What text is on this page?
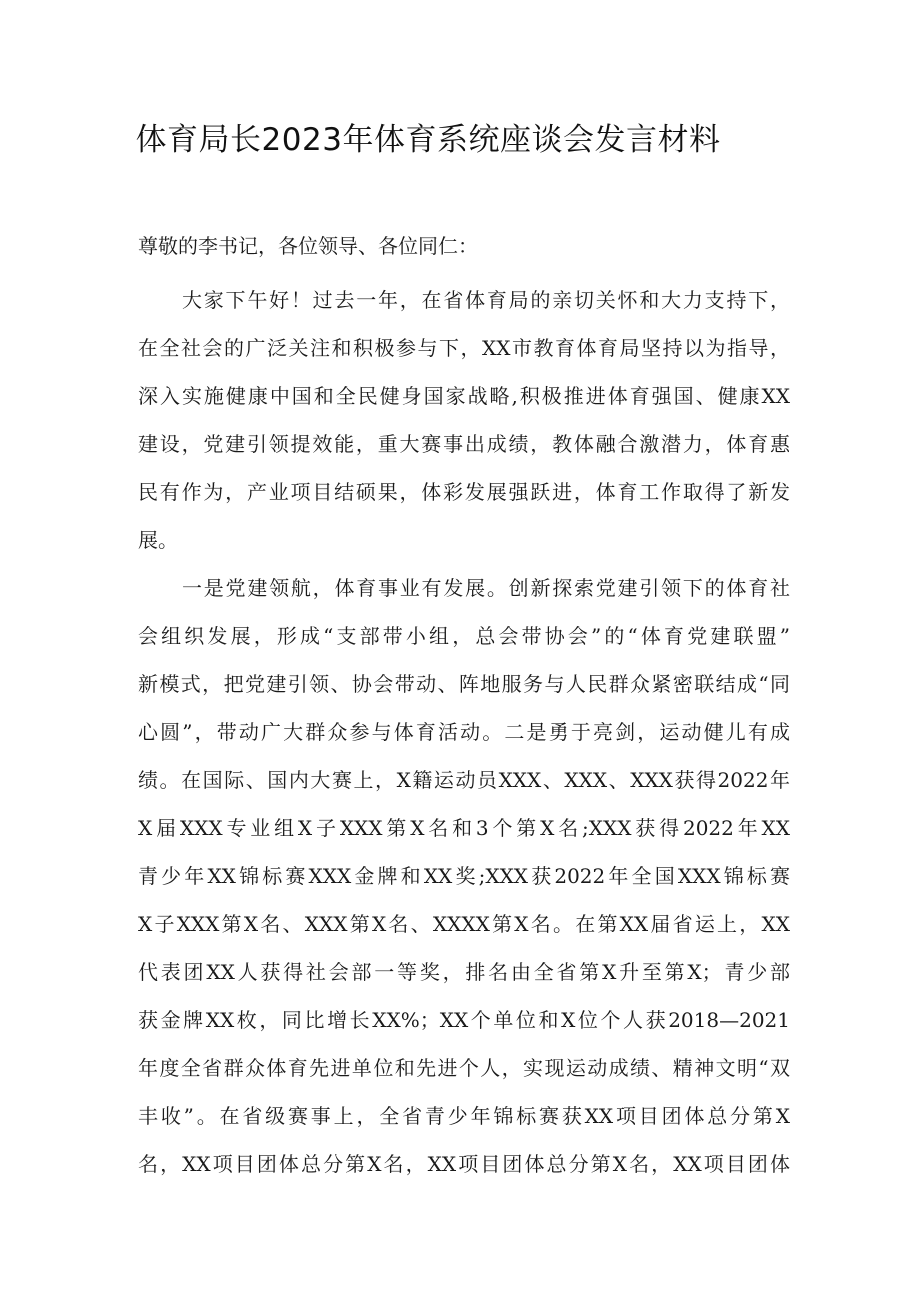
体育局长2023年体育系统座谈会发言材料
尊敬的李书记，各位领导、各位同仁：
大家下午好！过去一年，在省体育局的亲切关怀和大力支持下，
在全社会的广泛关注和积极参与下，XX市教育体育局坚持以为指导，
深入实施健康中国和全民健身国家战略,积极推进体育强国、健康XX
建设，党建引领提效能，重大赛事出成绩，教体融合激潜力，体育惠
民有作为，产业项目结硕果，体彩发展强跃进，体育工作取得了新发
展。
一是党建领航，体育事业有发展。创新探索党建引领下的体育社
会组织发展，形成“支部带小组，总会带协会”的“体育党建联盟”
新模式，把党建引领、协会带动、阵地服务与人民群众紧密联结成“同
心圆”，带动广大群众参与体育活动。二是勇于亮剑，运动健儿有成
绩。在国际、国内大赛上，X籍运动员XXX、XXX、XXX获得2022年
X届XXX专业组X子XXX第X名和3个第X名;XXX获得2022年XX
青少年XX锦标赛XXX金牌和XX奖;XXX获2022年全国XXX锦标赛
X子XXX第X名、XXX第X名、XXXX第X名。在第XX届省运上，XX
代表团XX人获得社会部一等奖，排名由全省第X升至第X；青少部
获金牌XX枚，同比增长XX%；XX个单位和X位个人获2018—2021
年度全省群众体育先进单位和先进个人，实现运动成绩、精神文明“双
丰收”。在省级赛事上，全省青少年锦标赛获XX项目团体总分第X
名，XX项目团体总分第X名，XX项目团体总分第X名，XX项目团体
